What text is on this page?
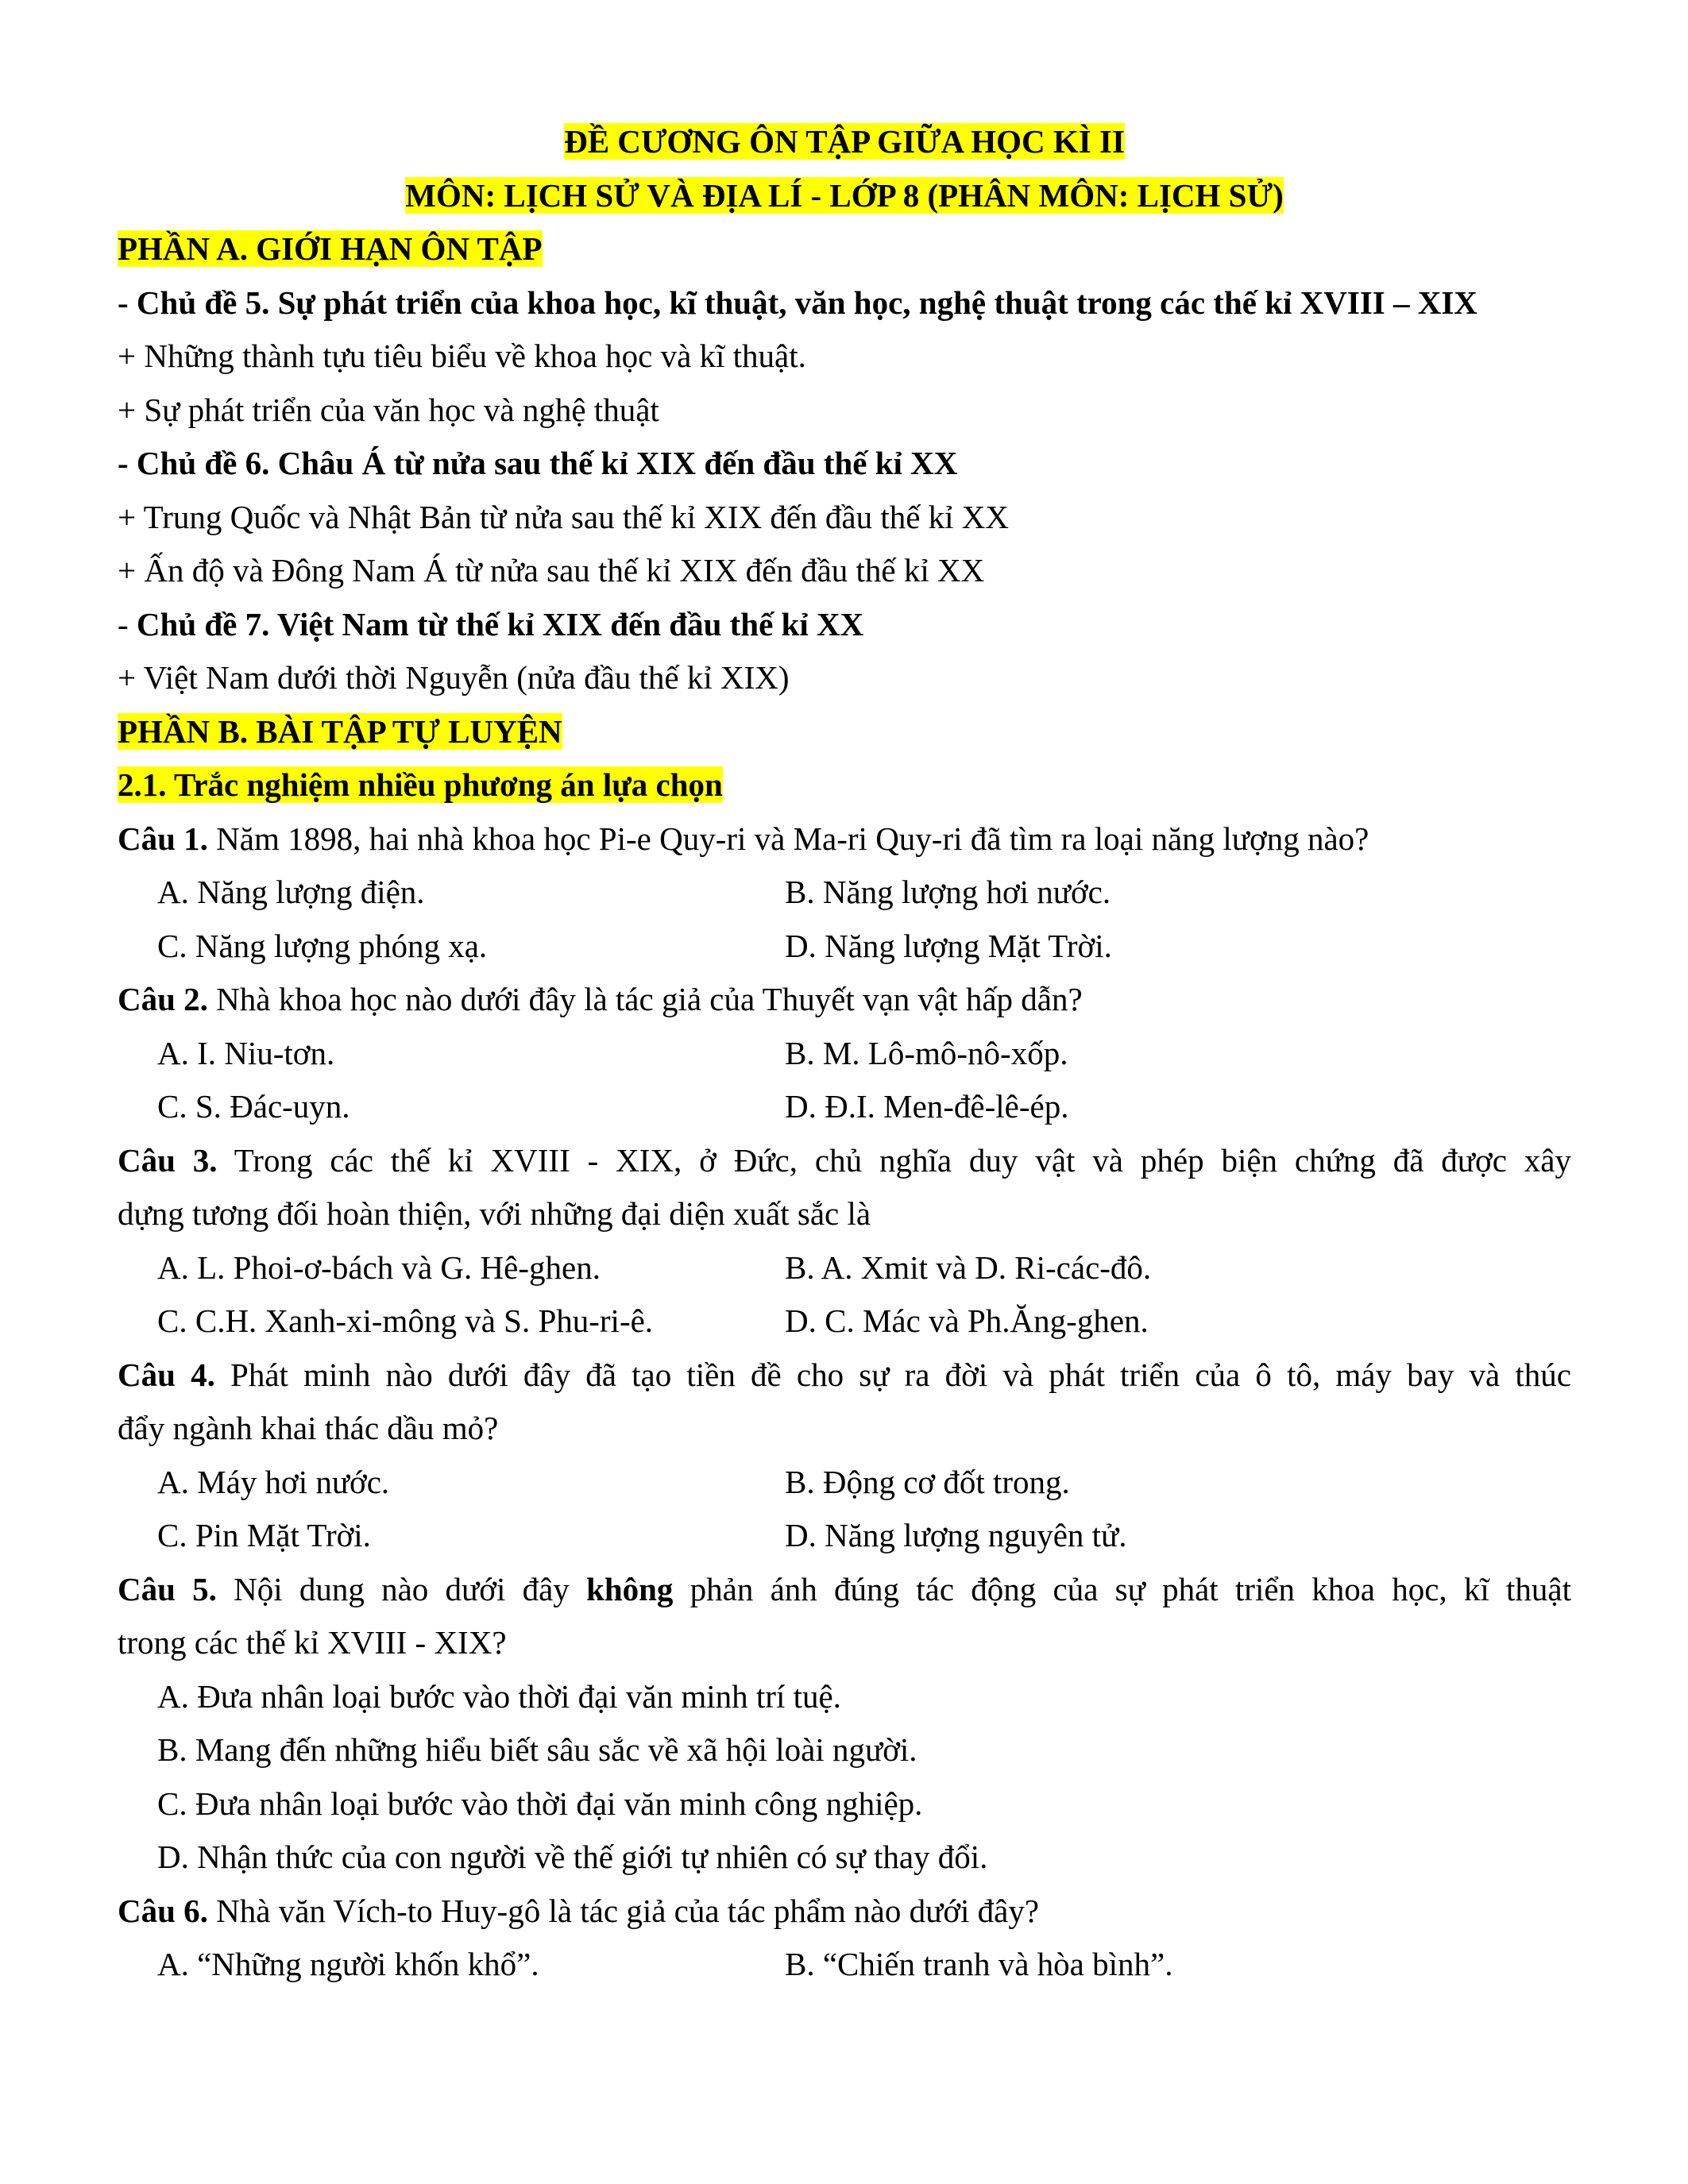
ĐỀ CƯƠNG ÔN TẬP GIỮA HỌC KÌ II
MÔN: LỊCH SỬ VÀ ĐỊA LÍ - LỚP 8 (PHÂN MÔN: LỊCH SỬ)
PHẦN A. GIỚI HẠN ÔN TẬP
- Chủ đề 5. Sự phát triển của khoa học, kĩ thuật, văn học, nghệ thuật trong các thế kỉ XVIII – XIX
+ Những thành tựu tiêu biểu về khoa học và kĩ thuật.
+ Sự phát triển của văn học và nghệ thuật
- Chủ đề 6. Châu Á từ nửa sau thế kỉ XIX đến đầu thế kỉ XX
+ Trung Quốc và Nhật Bản từ nửa sau thế kỉ XIX đến đầu thế kỉ XX
+ Ấn độ và Đông Nam Á từ nửa sau thế kỉ XIX đến đầu thế kỉ XX
- Chủ đề 7. Việt Nam từ thế kỉ XIX đến đầu thế kỉ XX
+ Việt Nam dưới thời Nguyễn (nửa đầu thế kỉ XIX)
PHẦN B. BÀI TẬP TỰ LUYỆN
2.1. Trắc nghiệm nhiều phương án lựa chọn
Câu 1. Năm 1898, hai nhà khoa học Pi-e Quy-ri và Ma-ri Quy-ri đã tìm ra loại năng lượng nào?
A. Năng lượng điện.	B. Năng lượng hơi nước.
C. Năng lượng phóng xạ.	D. Năng lượng Mặt Trời.
Câu 2. Nhà khoa học nào dưới đây là tác giả của Thuyết vạn vật hấp dẫn?
A. I. Niu-tơn.	B. M. Lô-mô-nô-xốp.
C. S. Đác-uyn.	D. Đ.I. Men-đê-lê-ép.
Câu 3. Trong các thế kỉ XVIII - XIX, ở Đức, chủ nghĩa duy vật và phép biện chứng đã được xây
dựng tương đối hoàn thiện, với những đại diện xuất sắc là
A. L. Phoi-ơ-bách và G. Hê-ghen.	B. A. Xmit và D. Ri-các-đô.
C. C.H. Xanh-xi-mông và S. Phu-ri-ê.	D. C. Mác và Ph.Ăng-ghen.
Câu 4. Phát minh nào dưới đây đã tạo tiền đề cho sự ra đời và phát triển của ô tô, máy bay và thúc
đẩy ngành khai thác dầu mỏ?
A. Máy hơi nước.	B. Động cơ đốt trong.
C. Pin Mặt Trời.	D. Năng lượng nguyên tử.
Câu 5. Nội dung nào dưới đây không phản ánh đúng tác động của sự phát triển khoa học, kĩ thuật
trong các thế kỉ XVIII - XIX?
A. Đưa nhân loại bước vào thời đại văn minh trí tuệ.
B. Mang đến những hiểu biết sâu sắc về xã hội loài người.
C. Đưa nhân loại bước vào thời đại văn minh công nghiệp.
D. Nhận thức của con người về thế giới tự nhiên có sự thay đổi.
Câu 6. Nhà văn Vích-to Huy-gô là tác giả của tác phẩm nào dưới đây?
A. “Những người khốn khổ”.	B. “Chiến tranh và hòa bình”.
